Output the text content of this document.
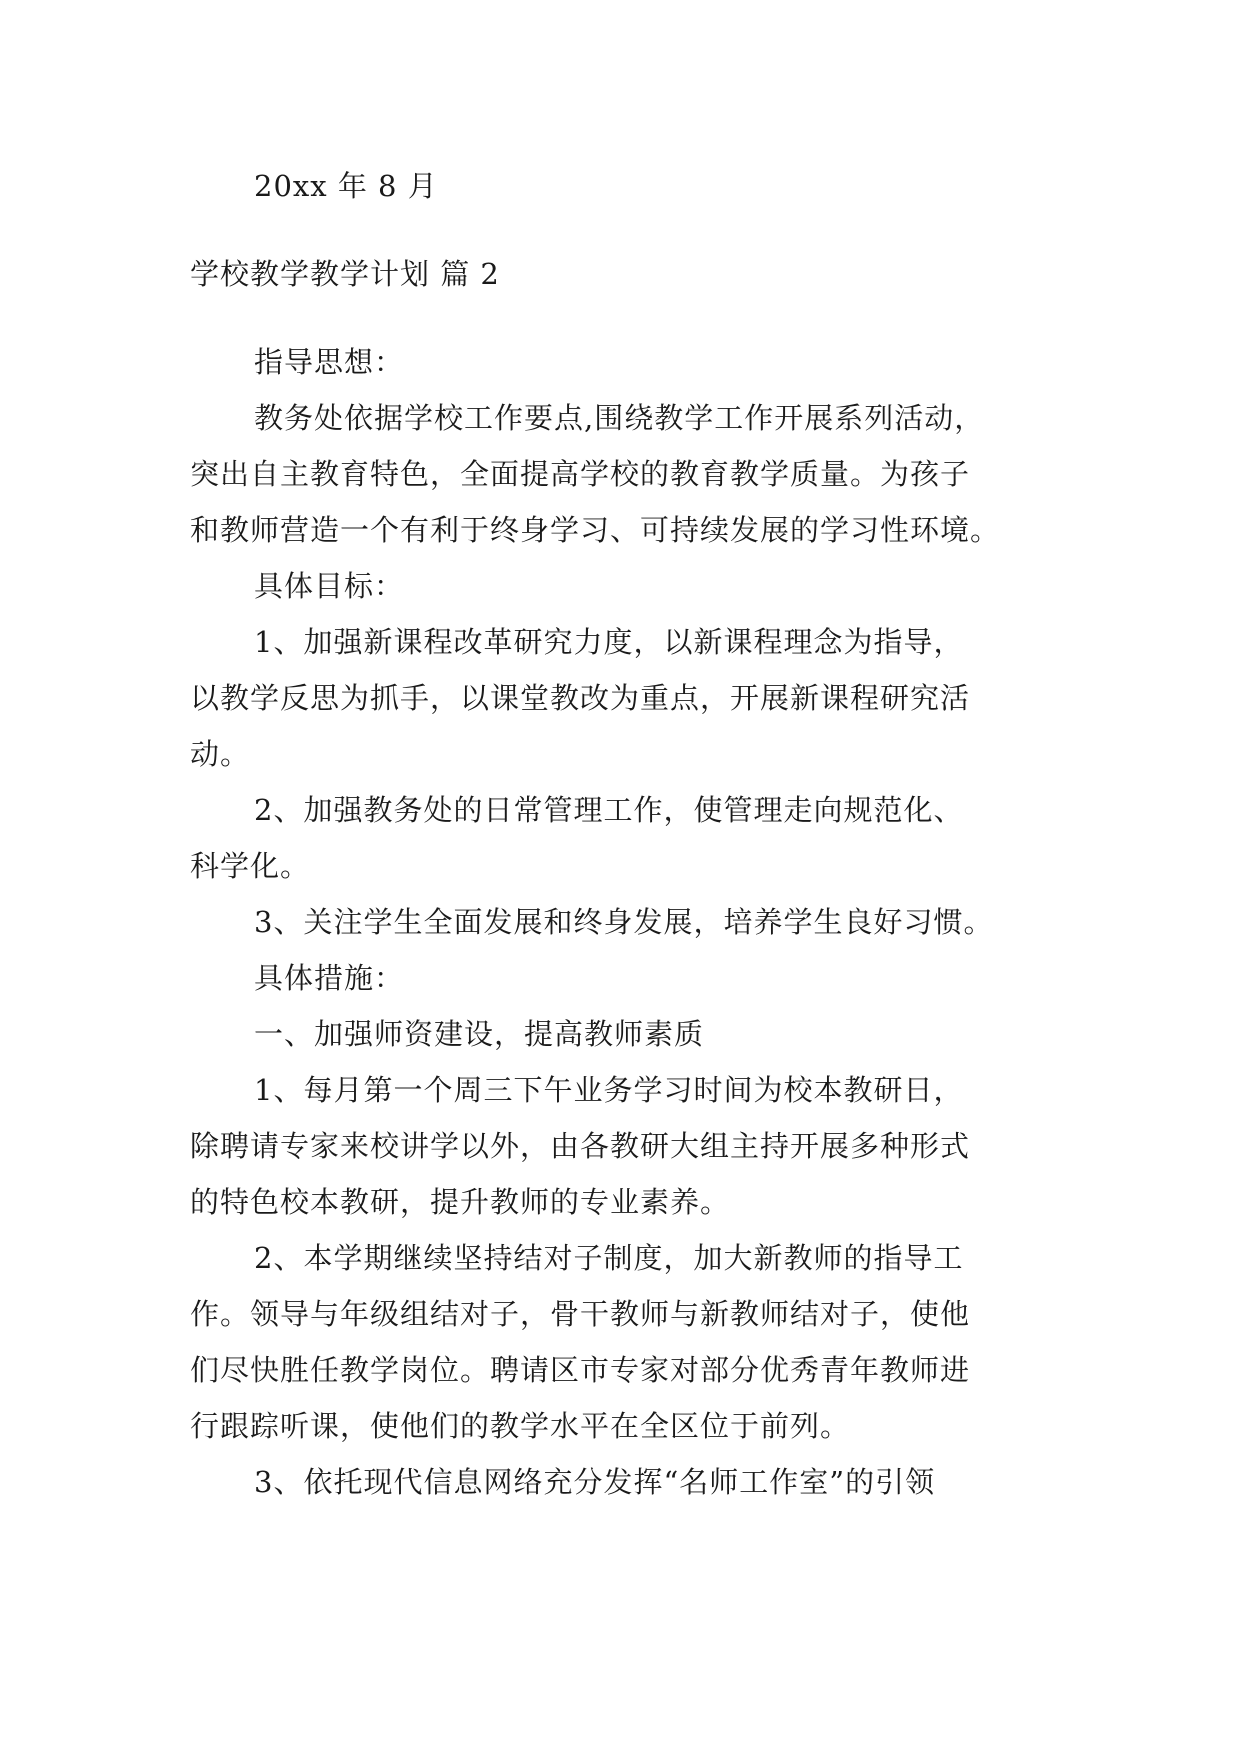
20xx 年 8 月
学校教学教学计划 篇 2
指导思想：
教务处依据学校工作要点,围绕教学工作开展系列活动，
突出自主教育特色，全面提高学校的教育教学质量。为孩子
和教师营造一个有利于终身学习、可持续发展的学习性环境。
具体目标：
1、加强新课程改革研究力度，以新课程理念为指导，
以教学反思为抓手，以课堂教改为重点，开展新课程研究活
动。
2、加强教务处的日常管理工作，使管理走向规范化、
科学化。
3、关注学生全面发展和终身发展，培养学生良好习惯。
具体措施：
一、加强师资建设，提高教师素质
1、每月第一个周三下午业务学习时间为校本教研日，
除聘请专家来校讲学以外，由各教研大组主持开展多种形式
的特色校本教研，提升教师的专业素养。
2、本学期继续坚持结对子制度，加大新教师的指导工
作。领导与年级组结对子，骨干教师与新教师结对子，使他
们尽快胜任教学岗位。聘请区市专家对部分优秀青年教师进
行跟踪听课，使他们的教学水平在全区位于前列。
3、依托现代信息网络充分发挥“名师工作室”的引领
